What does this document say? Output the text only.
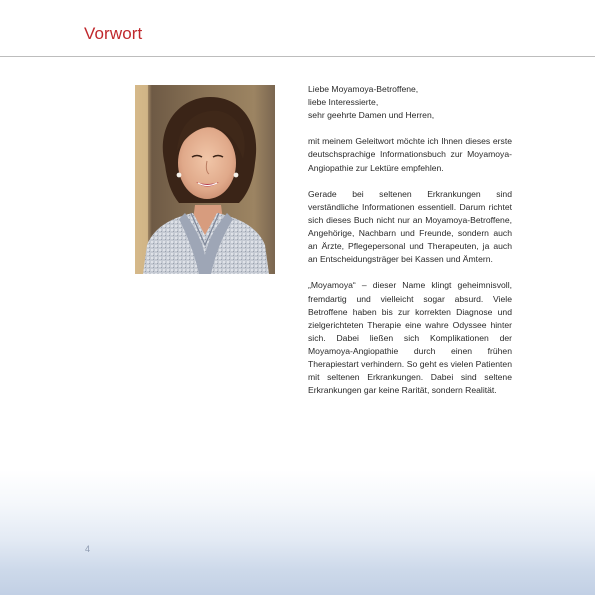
Vorwort

Liebe Moyamoya-Betroffene,
liebe Interessierte,
sehr geehrte Damen und Herren,

mit meinem Geleitwort möchte ich Ihnen dieses erste deutschsprachige Informationsbuch zur Moyamoya-Angiopathie zur Lektüre empfehlen.

Gerade bei seltenen Erkrankungen sind verständliche Informationen essentiell. Darum richtet sich dieses Buch nicht nur an Moyamoya-Betroffene, Angehörige, Nachbarn und Freunde, sondern auch an Ärzte, Pflegepersonal und Therapeuten, ja auch an Entscheidungsträger bei Kassen und Ämtern.

„Moyamoya“ – dieser Name klingt geheimnisvoll, fremdartig und vielleicht sogar absurd. Viele Betroffene haben bis zur korrekten Diagnose und zielgerichteten Therapie eine wahre Odyssee hinter sich. Dabei ließen sich Komplikationen der Moyamoya-Angiopathie durch einen frühen Therapiestart verhindern. So geht es vielen Patienten mit seltenen Erkrankungen. Dabei sind seltene Erkrankungen gar keine Rarität, sondern Realität.

4
